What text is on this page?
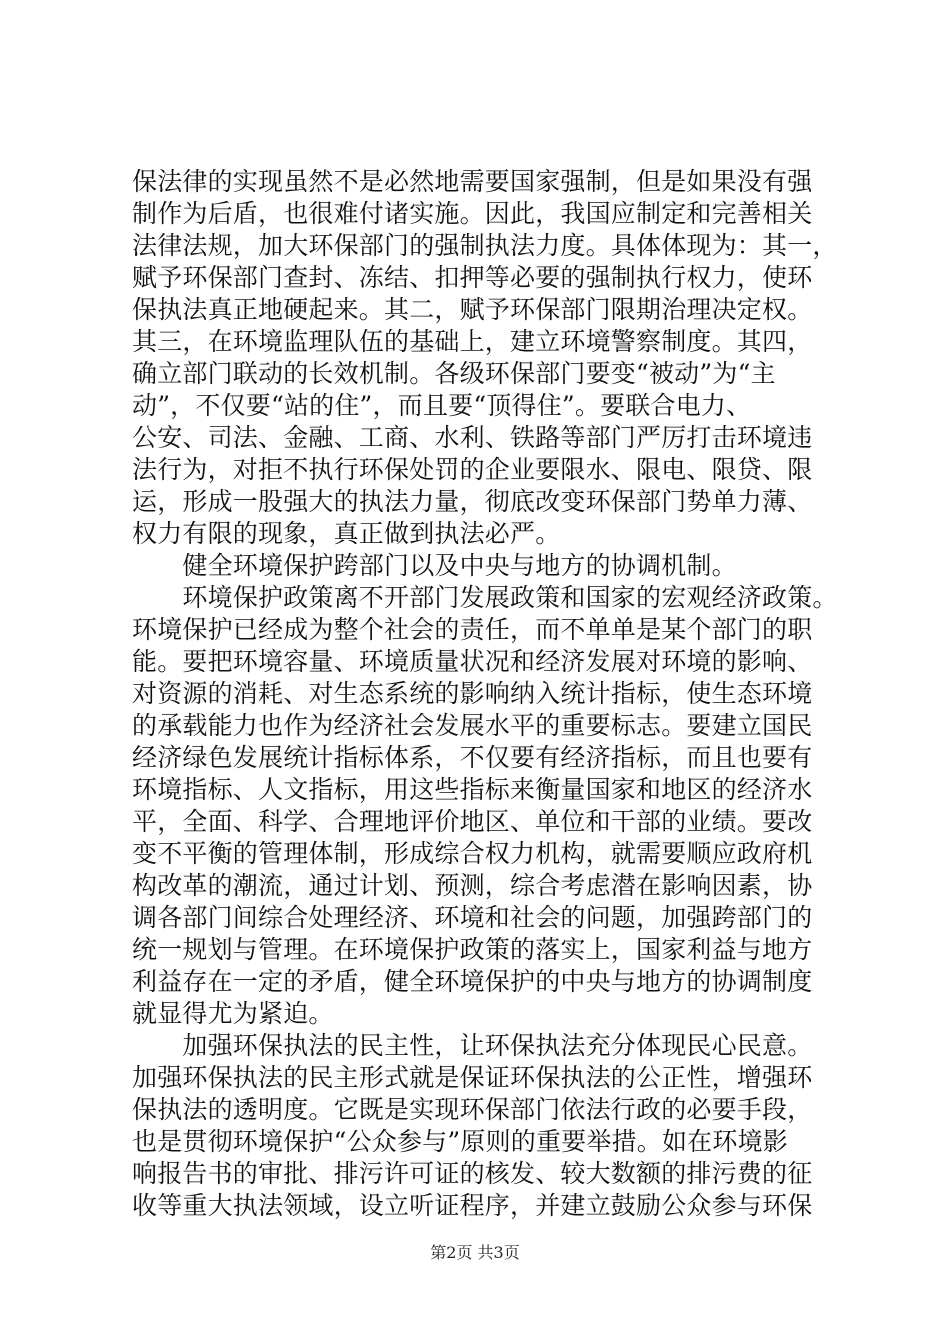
保法律的实现虽然不是必然地需要国家强制，但是如果没有强
制作为后盾，也很难付诸实施。因此，我国应制定和完善相关
法律法规，加大环保部门的强制执法力度。具体体现为：其一，
赋予环保部门查封、冻结、扣押等必要的强制执行权力，使环
保执法真正地硬起来。其二，赋予环保部门限期治理决定权。
其三，在环境监理队伍的基础上，建立环境警察制度。其四，
确立部门联动的长效机制。各级环保部门要变“被动”为“主
动”，不仅要“站的住”，而且要“顶得住”。要联合电力、
公安、司法、金融、工商、水利、铁路等部门严厉打击环境违
法行为，对拒不执行环保处罚的企业要限水、限电、限贷、限
运，形成一股强大的执法力量，彻底改变环保部门势单力薄、
权力有限的现象，真正做到执法必严。
　　健全环境保护跨部门以及中央与地方的协调机制。
　　环境保护政策离不开部门发展政策和国家的宏观经济政策。
环境保护已经成为整个社会的责任，而不单单是某个部门的职
能。要把环境容量、环境质量状况和经济发展对环境的影响、
对资源的消耗、对生态系统的影响纳入统计指标，使生态环境
的承载能力也作为经济社会发展水平的重要标志。要建立国民
经济绿色发展统计指标体系，不仅要有经济指标，而且也要有
环境指标、人文指标，用这些指标来衡量国家和地区的经济水
平，全面、科学、合理地评价地区、单位和干部的业绩。要改
变不平衡的管理体制，形成综合权力机构，就需要顺应政府机
构改革的潮流，通过计划、预测，综合考虑潜在影响因素，协
调各部门间综合处理经济、环境和社会的问题，加强跨部门的
统一规划与管理。在环境保护政策的落实上，国家利益与地方
利益存在一定的矛盾，健全环境保护的中央与地方的协调制度
就显得尤为紧迫。
　　加强环保执法的民主性，让环保执法充分体现民心民意。
加强环保执法的民主形式就是保证环保执法的公正性，增强环
保执法的透明度。它既是实现环保部门依法行政的必要手段，
也是贯彻环境保护“公众参与”原则的重要举措。如在环境影
响报告书的审批、排污许可证的核发、较大数额的排污费的征
收等重大执法领域，设立听证程序，并建立鼓励公众参与环保
第2页 共3页
